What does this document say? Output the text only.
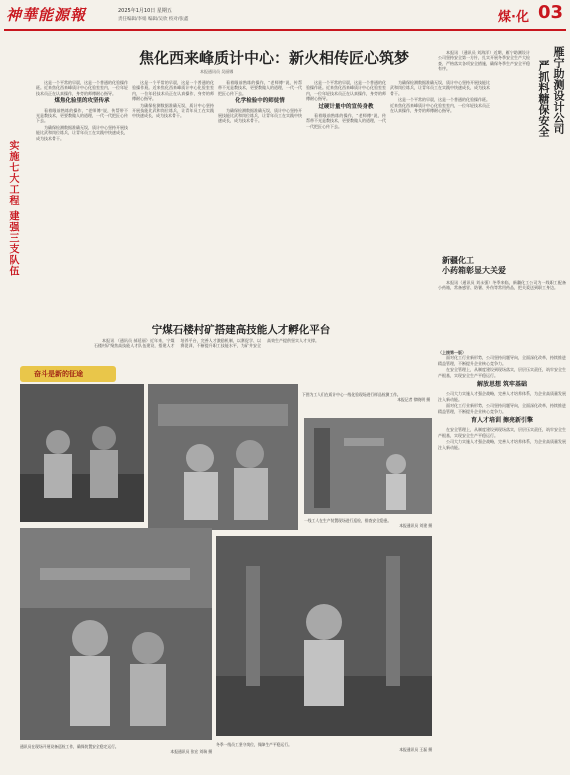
神華能源報	2025年1月10日 星期五
责任编辑/李娟 编辑/吴欣 校对/张鑫	煤·化 03
焦化西来峰质计中心：新火相传匠心筑梦
本报通讯员 吴丽娜
实施七大工程 建强三支队伍

这是一个平常的早晨，这是一个普通的化验操作班。近来焦化西来峰质计中心化验室室内，一位年轻技术员正在认真操作，身旁的师傅耐心指导。

煤焦化验里的攻坚传承

看着眼前熟练的操作，“老师傅”说，传帮带不光是教技术，更要教做人的道理，一代一代把匠心传下去。

为确保检测数据准确无误，质计中心坚持开展技能比武和岗位练兵，让青年员工在实践中快速成长，成为技术骨干。

这是一个平常的早晨，这是一个普通的化验操作班。近来焦化西来峰质计中心化验室室内，一位年轻技术员正在认真操作，身旁的师傅耐心指导。

为确保检测数据准确无误，质计中心坚持开展技能比武和岗位练兵，让青年员工在实践中快速成长，成为技术骨干。

看着眼前熟练的操作，“老师傅”说，传帮带不光是教技术，更要教做人的道理，一代一代把匠心传下去。

化学检验中的师徒情

为确保检测数据准确无误，质计中心坚持开展技能比武和岗位练兵，让青年员工在实践中快速成长，成为技术骨干。

这是一个平常的早晨，这是一个普通的化验操作班。近来焦化西来峰质计中心化验室室内，一位年轻技术员正在认真操作，身旁的师傅耐心指导。

过硬计量中的宣传身教

看着眼前熟练的操作，“老师傅”说，传帮带不光是教技术，更要教做人的道理，一代一代把匠心传下去。

为确保检测数据准确无误，质计中心坚持开展技能比武和岗位练兵，让青年员工在实践中快速成长，成为技术骨干。

这是一个平常的早晨，这是一个普通的化验操作班。近来焦化西来峰质计中心化验室室内，一位年轻技术员正在认真操作，身旁的师傅耐心指导。	雁宁助测设计公司
严抓料糖保安全

本报讯 （通讯员 刘海洋）近期，雁宁助测设计公司坚持安全第一方针，扎实开展冬季安全生产大检查，严格落实各项安全措施，确保冬季生产安全平稳有序。

新疆化工
小药箱彰显大关爱

本报讯（通讯员 刘永强）冬季来临，新疆化工公司为一线职工配备小药箱，常备感冒、防暑、外伤等常用药品，把关爱送到职工身边。

宁煤石楼村矿搭建高技能人才孵化平台

本报讯 （通讯员 郝延丽）近年来，宁煤石楼村矿聚焦高技能人才队伍建设，搭建人才培养平台，完善人才激励机制，以赛促学、以赛促训，不断提升职工技能水平，为矿井安全高效生产提供坚实人才支撑。

奋斗是新的征途
下图为工人们在质计中心一线化验现场进行样品检测工作。
本报记者 徐晓明 摄
一线工人在生产装置现场进行巡检，排查安全隐患。
本报通讯员 刘建 摄
（上接第一版）

面对化工行业新形势，公司坚持问题导向，全面深化改革，持续推进精益管理，不断提升企业核心竞争力。

在安全管理上，从制度建设到现场落实，层层压实责任，筑牢安全生产根基，实现安全生产平稳运行。

解放思想 筑牢基础

公司大力实施人才强企战略，完善人才培养体系，为企业高质量发展注入新动能。

面对化工行业新形势，公司坚持问题导向，全面深化改革，持续推进精益管理，不断提升企业核心竞争力。

育人才培训 擦亮新引擎

在安全管理上，从制度建设到现场落实，层层压实责任，筑牢安全生产根基，实现安全生产平稳运行。

公司大力实施人才强企战略，完善人才培养体系，为企业高质量发展注入新动能。

通讯员在现场开展设备巡检工作，确保装置安全稳定运行。
本报通讯员 张宏 刘瑞 摄
冬季一线员工坚守岗位，保障生产平稳运行。
本报通讯员 王磊 摄
